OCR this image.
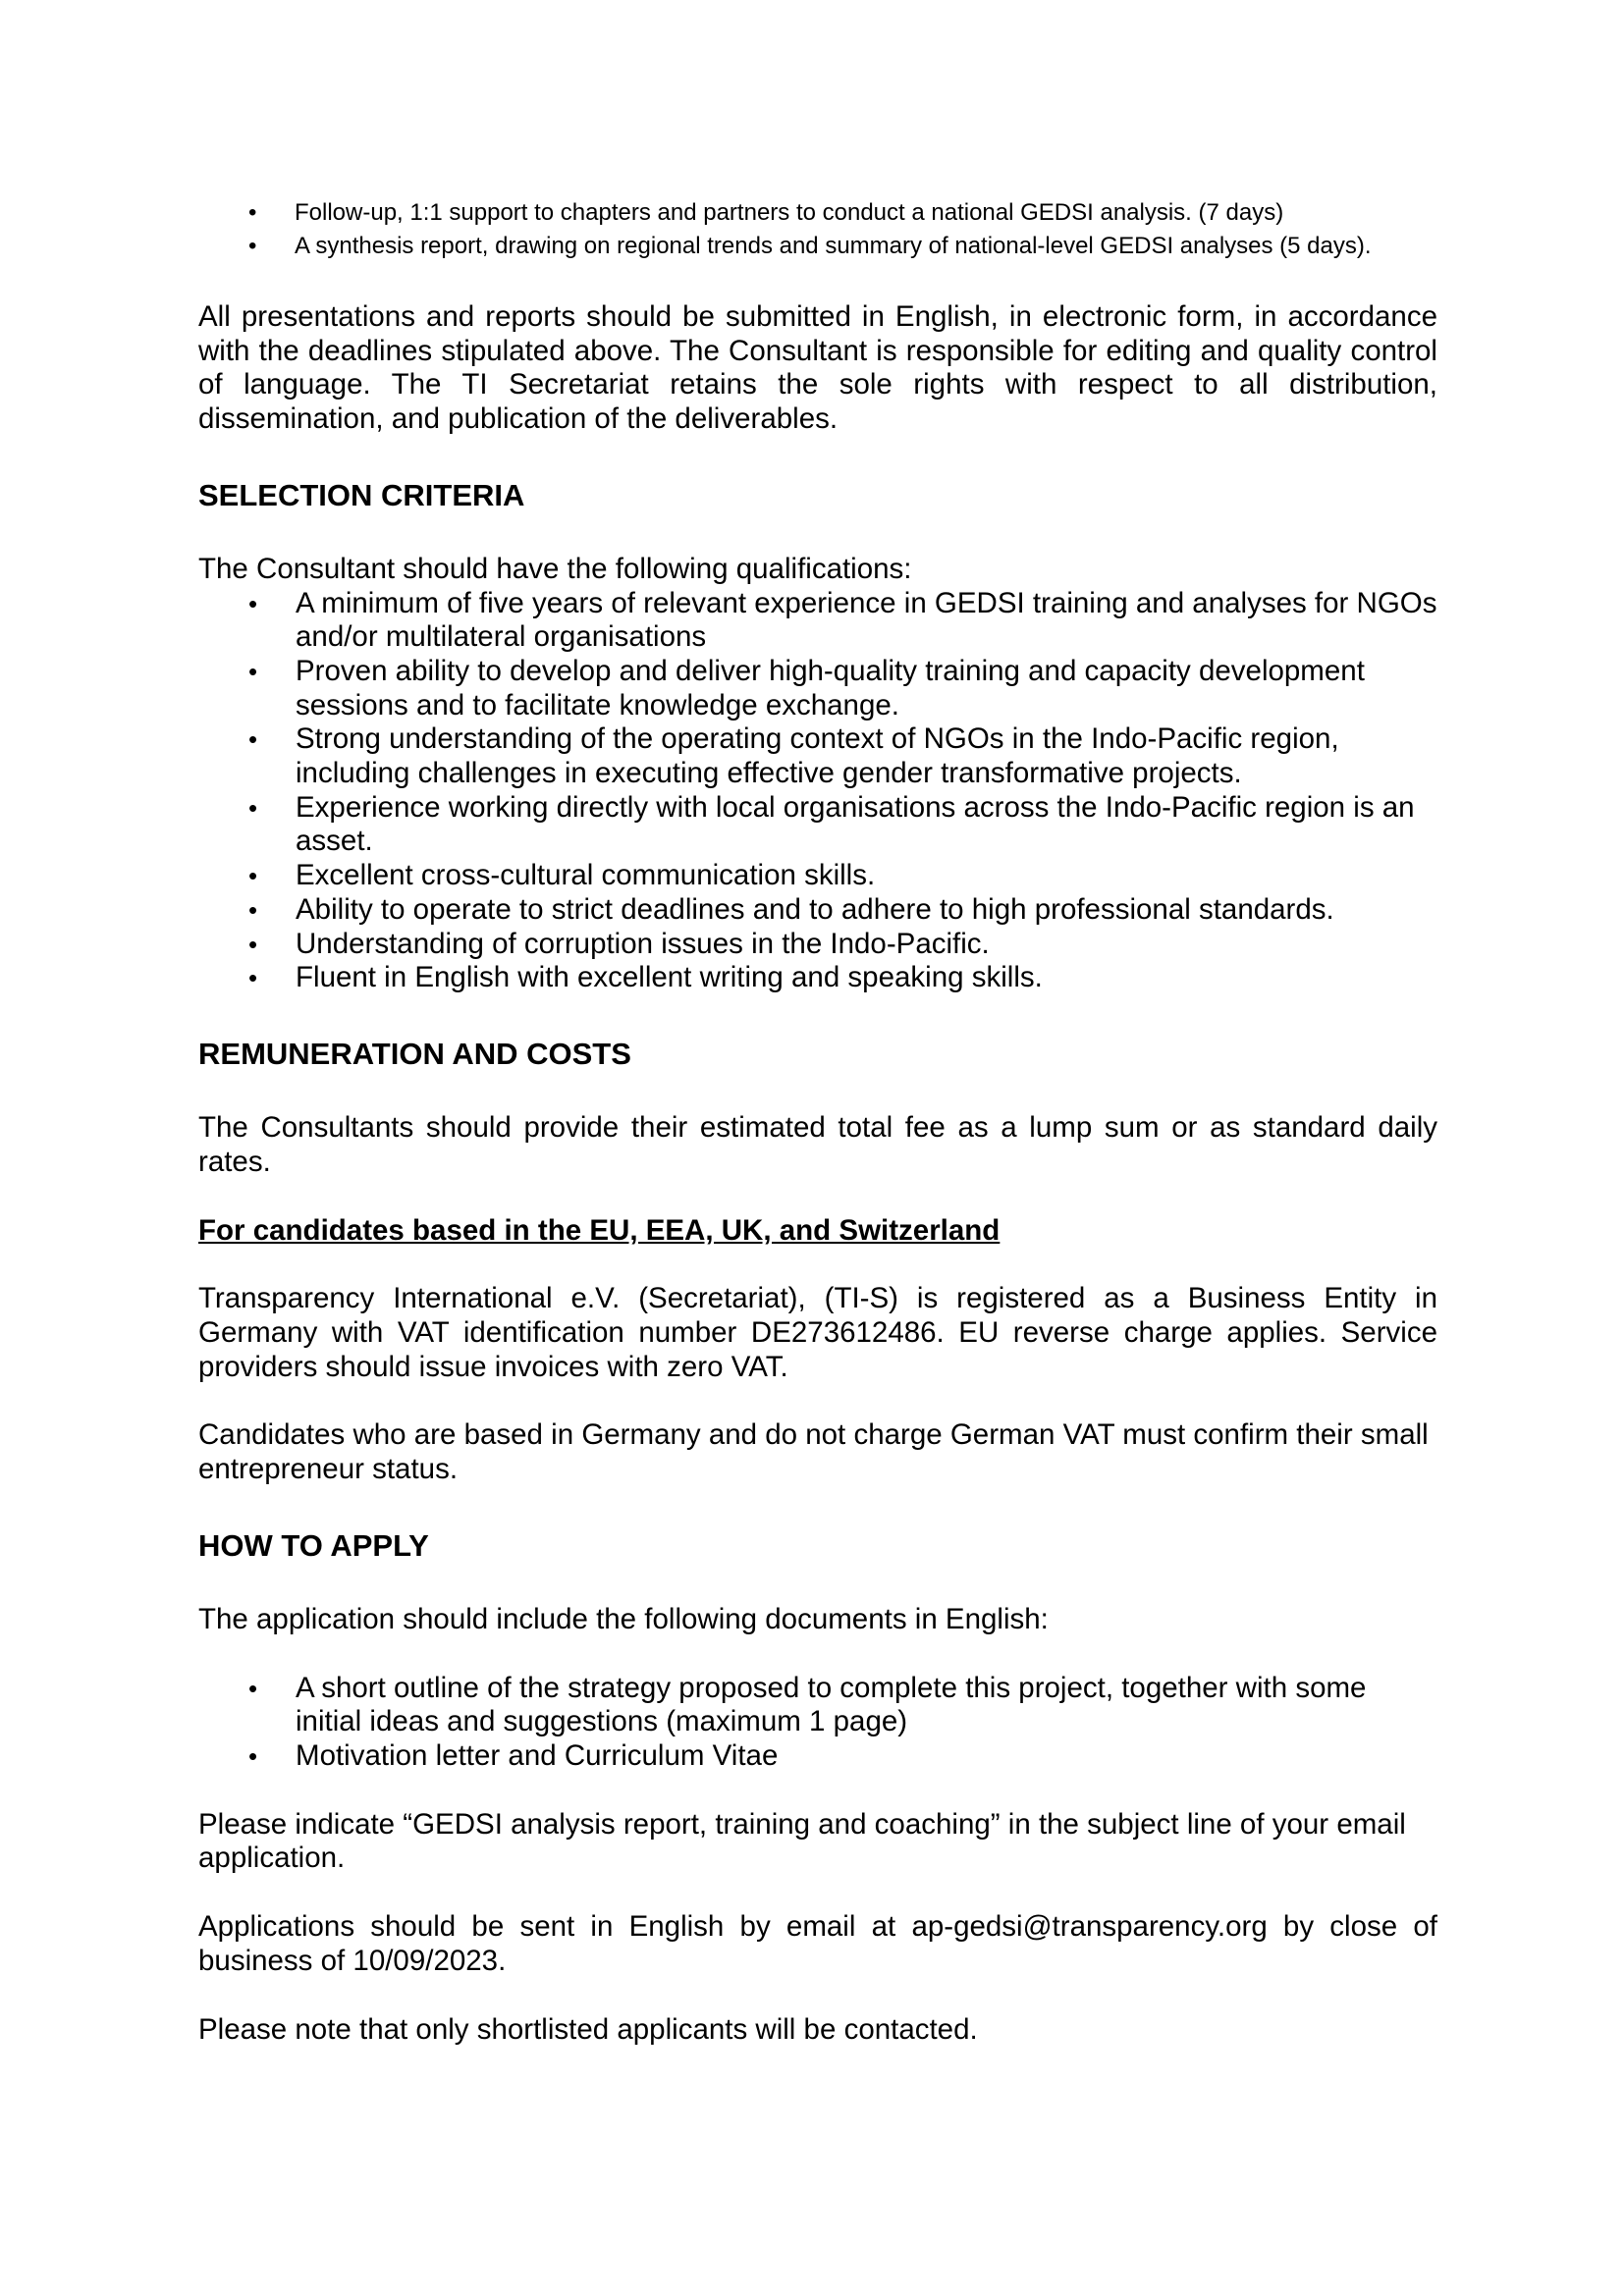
• Follow-up, 1:1 support to chapters and partners to conduct a national GEDSI analysis. (7 days)
• A synthesis report, drawing on regional trends and summary of national-level GEDSI analyses (5 days).

All presentations and reports should be submitted in English, in electronic form, in accordance with the deadlines stipulated above. The Consultant is responsible for editing and quality control of language. The TI Secretariat retains the sole rights with respect to all distribution, dissemination, and publication of the deliverables.

SELECTION CRITERIA

The Consultant should have the following qualifications:

• A minimum of five years of relevant experience in GEDSI training and analyses for NGOs and/or multilateral organisations
• Proven ability to develop and deliver high-quality training and capacity development sessions and to facilitate knowledge exchange.
• Strong understanding of the operating context of NGOs in the Indo-Pacific region, including challenges in executing effective gender transformative projects.
• Experience working directly with local organisations across the Indo-Pacific region is an asset.
• Excellent cross-cultural communication skills.
• Ability to operate to strict deadlines and to adhere to high professional standards.
• Understanding of corruption issues in the Indo-Pacific.
• Fluent in English with excellent writing and speaking skills.
REMUNERATION AND COSTS

The Consultants should provide their estimated total fee as a lump sum or as standard daily rates.

For candidates based in the EU, EEA, UK, and Switzerland

Transparency International e.V. (Secretariat), (TI-S) is registered as a Business Entity in Germany with VAT identification number DE273612486. EU reverse charge applies. Service providers should issue invoices with zero VAT.

Candidates who are based in Germany and do not charge German VAT must confirm their small entrepreneur status.

HOW TO APPLY

The application should include the following documents in English:

• A short outline of the strategy proposed to complete this project, together with some initial ideas and suggestions (maximum 1 page)
• Motivation letter and Curriculum Vitae

Please indicate “GEDSI analysis report, training and coaching” in the subject line of your email application.

Applications should be sent in English by email at ap-gedsi@transparency.org by close of business of 10/09/2023.

Please note that only shortlisted applicants will be contacted.
